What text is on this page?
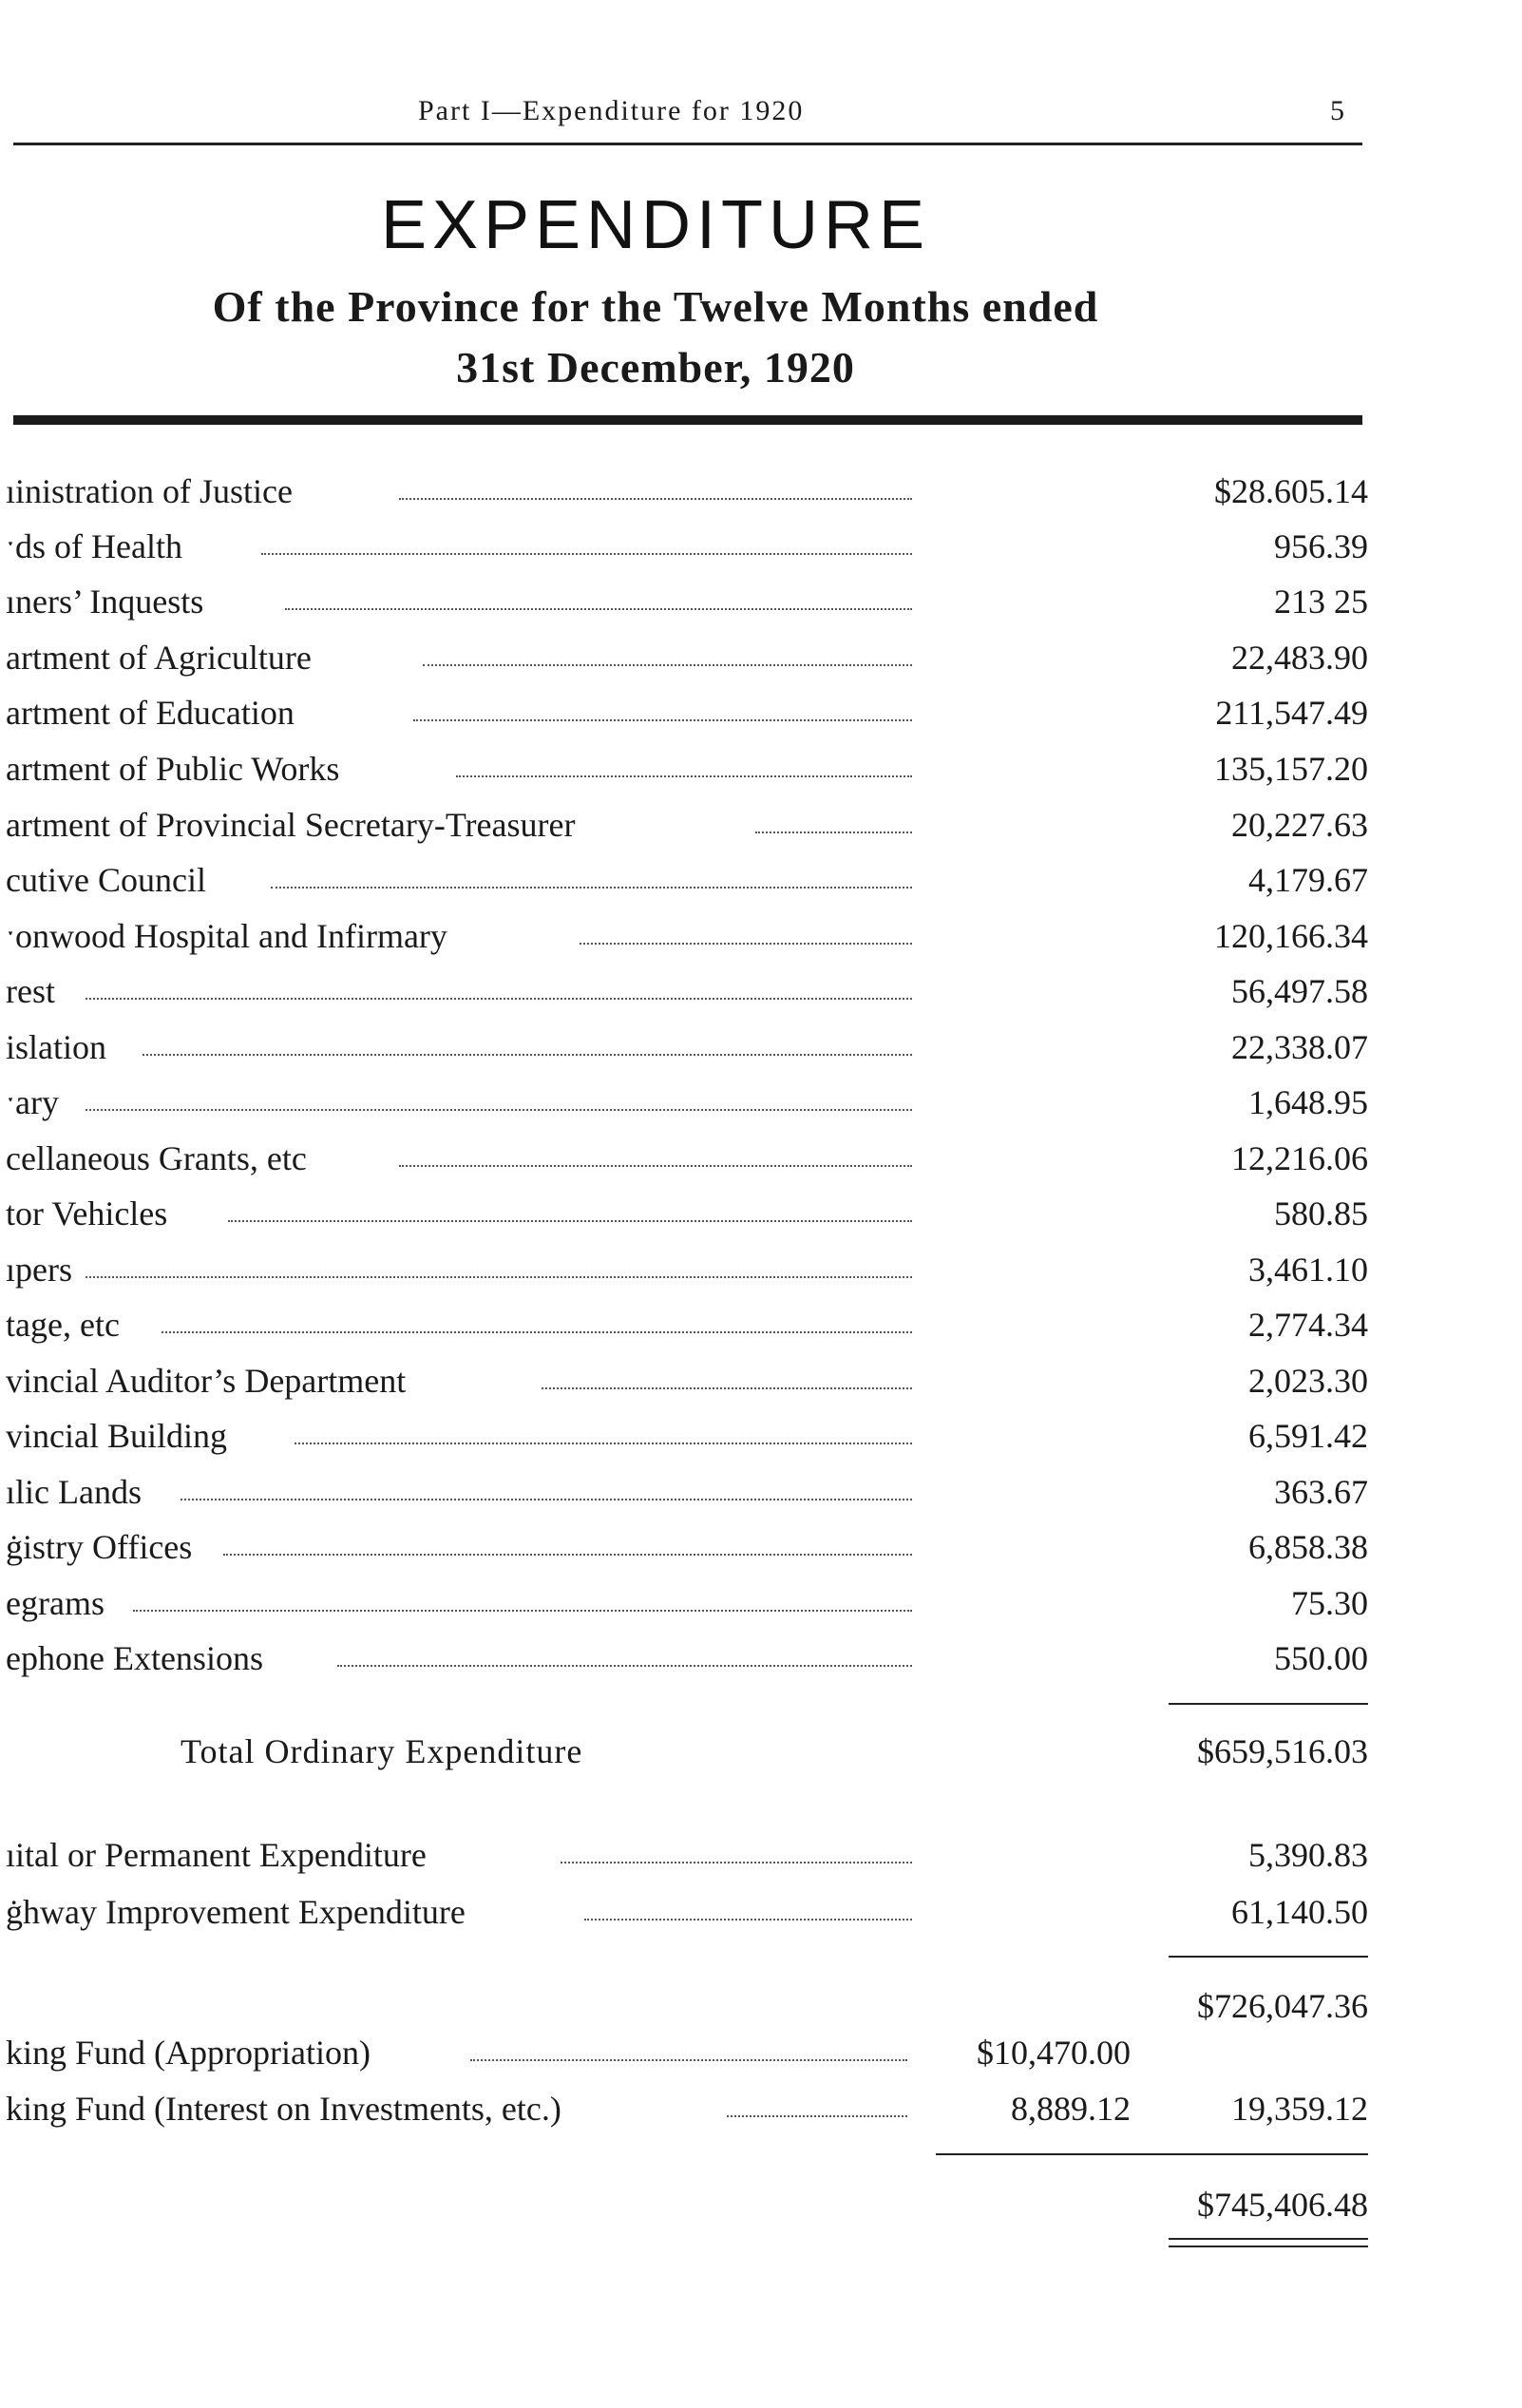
Part I—Expenditure for 1920	5
EXPENDITURE
Of the Province for the Twelve Months ended
31st December, 1920
ıinistration of Justice	$28.605.14
ˑds of Health	956.39
ıners’ Inquests	213 25
artment of Agriculture	22,483.90
artment of Education	211,547.49
artment of Public Works	135,157.20
artment of Provincial Secretary-Treasurer	20,227.63
cutive Council	4,179.67
ˑonwood Hospital and Infirmary	120,166.34
rest	56,497.58
islation	22,338.07
ˑary	1,648.95
cellaneous Grants, etc	12,216.06
tor Vehicles	580.85
ıpers	3,461.10
tage, etc	2,774.34
vincial Auditor’s Department	2,023.30
vincial Building	6,591.42
ılic Lands	363.67
ġistry Offices	6,858.38
egrams	75.30
ephone Extensions	550.00
Total Ordinary Expenditure	$659,516.03
ıital or Permanent Expenditure	5,390.83
ġhway Improvement Expenditure	61,140.50
$726,047.36
king Fund (Appropriation)	$10,470.00
king Fund (Interest on Investments, etc.)	8,889.12	19,359.12
$745,406.48
